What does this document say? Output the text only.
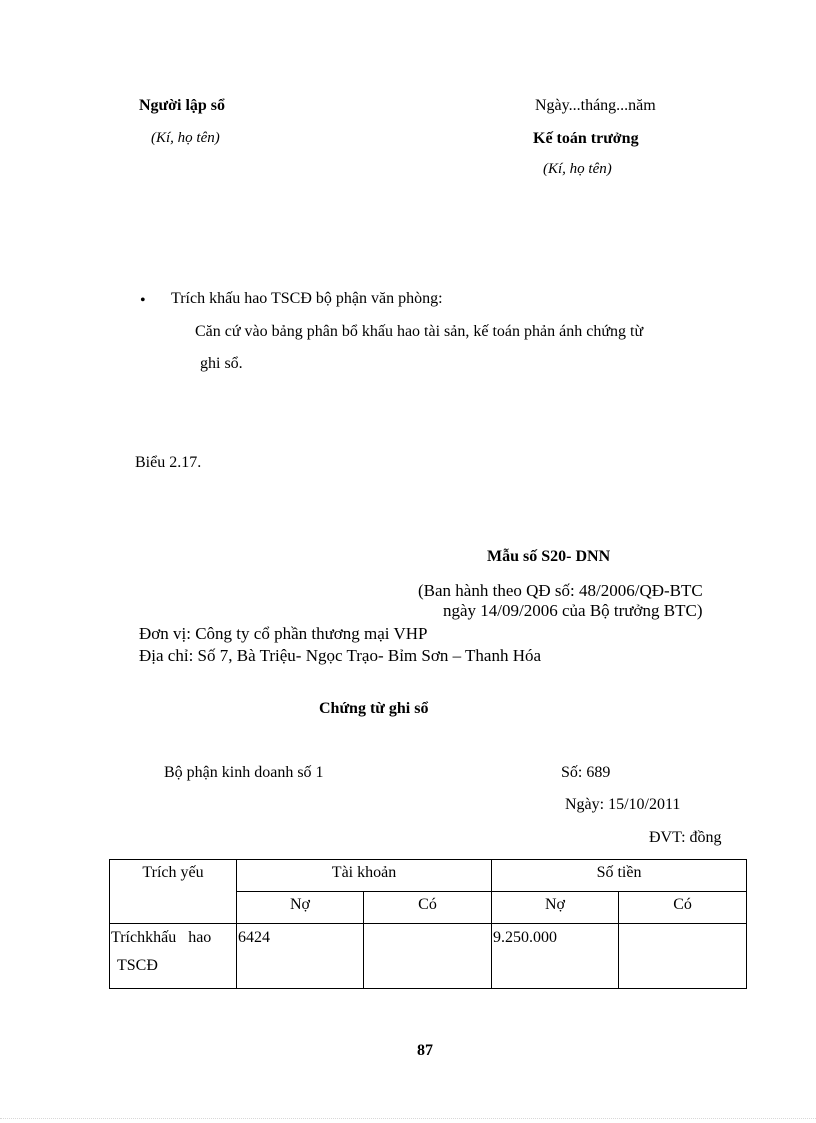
Người lập sổ
(Kí, họ tên)
Ngày...tháng...năm
Kế toán trưởng
(Kí, họ tên)
• Trích khấu hao TSCĐ bộ phận văn phòng:
Căn cứ vào bảng phân bổ khấu hao tài sản, kế toán phản ánh chứng từ
ghi sổ.
Biểu 2.17.
Mẫu số S20- DNN
(Ban hành theo QĐ số: 48/2006/QĐ-BTC
ngày 14/09/2006 của Bộ trưởng BTC)
Đơn vị: Công ty cổ phần thương mại VHP
Địa chỉ: Số 7, Bà Triệu- Ngọc Trạo- Bỉm Sơn – Thanh Hóa
Chứng từ ghi sổ
Bộ phận kinh doanh số 1	Số: 689
Ngày: 15/10/2011
ĐVT: đồng
Trích yếu	Tài khoản		Số tiền	
	Nợ	Có	Nợ	Có

Tríchkhấu   hao
TSCĐ	6424		9.250.000	
87
